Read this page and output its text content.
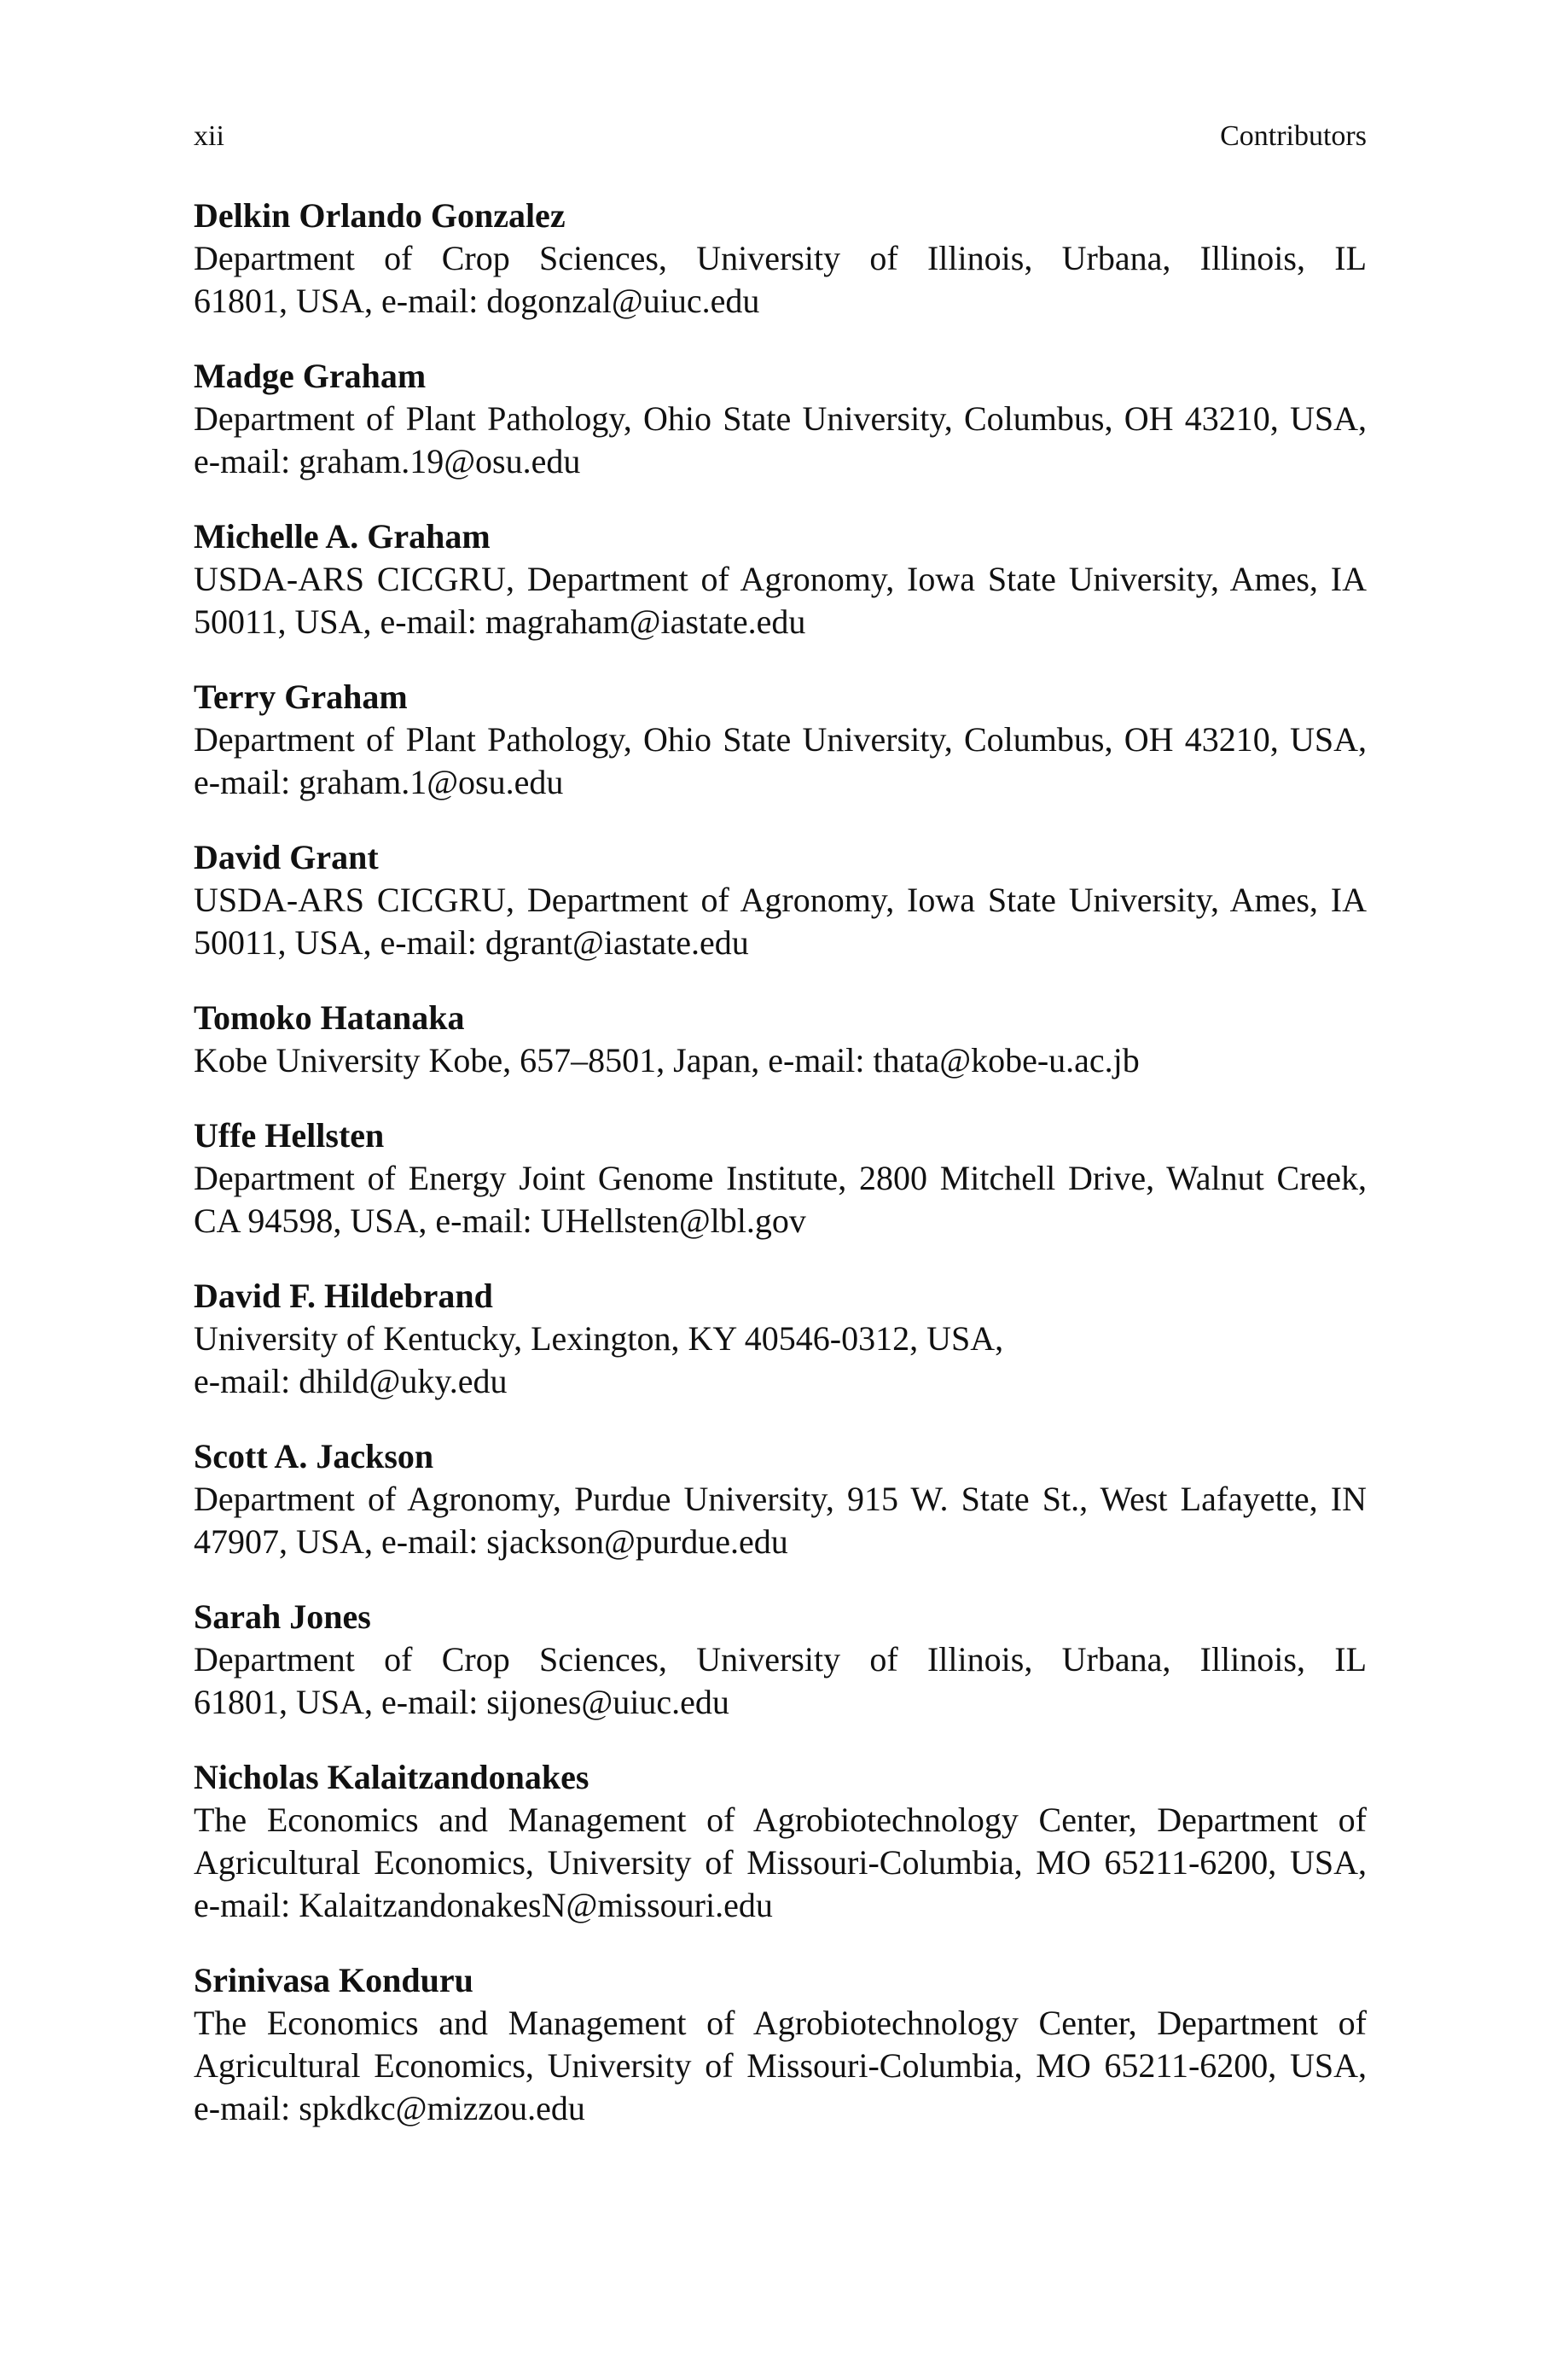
xii	Contributors
Delkin Orlando Gonzalez
Department of Crop Sciences, University of Illinois, Urbana, Illinois, IL
61801, USA, e-mail: dogonzal@uiuc.edu
Madge Graham
Department of Plant Pathology, Ohio State University, Columbus, OH 43210, USA,
e-mail: graham.19@osu.edu
Michelle A. Graham
USDA-ARS CICGRU, Department of Agronomy, Iowa State University, Ames, IA
50011, USA, e-mail: magraham@iastate.edu
Terry Graham
Department of Plant Pathology, Ohio State University, Columbus, OH 43210, USA,
e-mail: graham.1@osu.edu
David Grant
USDA-ARS CICGRU, Department of Agronomy, Iowa State University, Ames, IA
50011, USA, e-mail: dgrant@iastate.edu
Tomoko Hatanaka
Kobe University Kobe, 657–8501, Japan, e-mail: thata@kobe-u.ac.jb
Uffe Hellsten
Department of Energy Joint Genome Institute, 2800 Mitchell Drive, Walnut Creek,
CA 94598, USA, e-mail: UHellsten@lbl.gov
David F. Hildebrand
University of Kentucky, Lexington, KY 40546-0312, USA,
e-mail: dhild@uky.edu
Scott A. Jackson
Department of Agronomy, Purdue University, 915 W. State St., West Lafayette, IN
47907, USA, e-mail: sjackson@purdue.edu
Sarah Jones
Department of Crop Sciences, University of Illinois, Urbana, Illinois, IL
61801, USA, e-mail: sijones@uiuc.edu
Nicholas Kalaitzandonakes
The Economics and Management of Agrobiotechnology Center, Department of
Agricultural Economics, University of Missouri-Columbia, MO 65211-6200, USA,
e-mail: KalaitzandonakesN@missouri.edu
Srinivasa Konduru
The Economics and Management of Agrobiotechnology Center, Department of
Agricultural Economics, University of Missouri-Columbia, MO 65211-6200, USA,
e-mail: spkdkc@mizzou.edu
